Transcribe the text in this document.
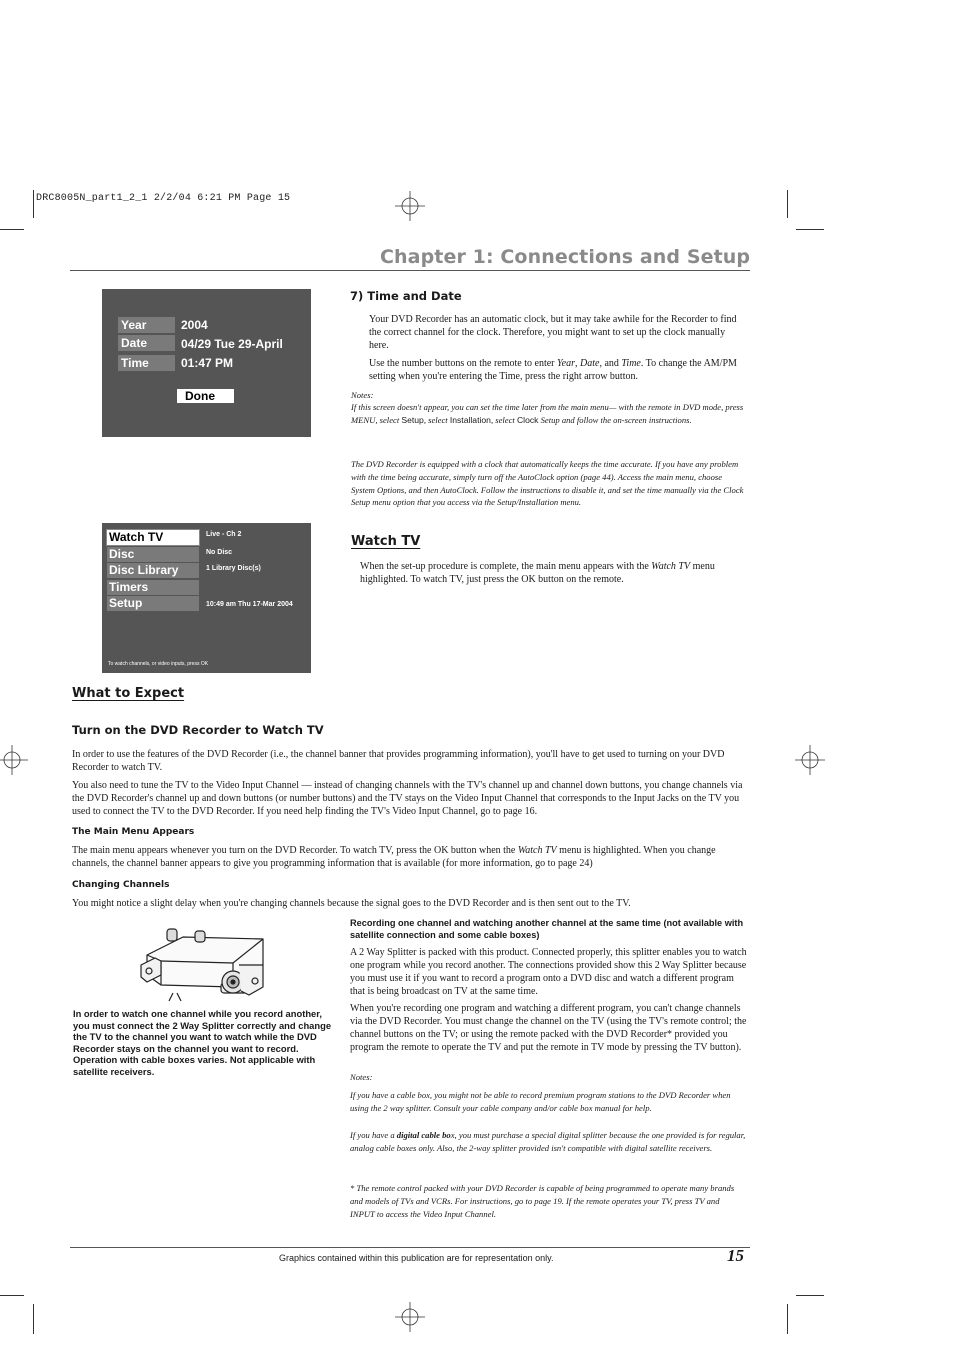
DRC8005N_part1_2_1 2/2/04 6:21 PM Page 15
Chapter 1: Connections and Setup
Year	2004
Date	04/29 Tue 29-April
Time	01:47 PM
Done
Watch TV
Disc
Disc Library
Timers
Setup
Live - Ch 2
No Disc
1 Library Disc(s)
10:49 am Thu 17-Mar 2004
To watch channels, or video inputs, press OK
7) Time and Date
Your DVD Recorder has an automatic clock, but it may take awhile for the Recorder to find the correct channel for the clock. Therefore, you might want to set up the clock manually here.
Use the number buttons on the remote to enter Year, Date, and Time. To change the AM/PM setting when you're entering the Time, press the right arrow button.
Notes:
If this screen doesn't appear, you can set the time later from the main menu— with the remote in DVD mode, press MENU, select Setup, select Installation, select Clock Setup and follow the on-screen instructions.
The DVD Recorder is equipped with a clock that automatically keeps the time accurate. If you have any problem with the time being accurate, simply turn off the AutoClock option (page 44). Access the main menu, choose System Options, and then AutoClock. Follow the instructions to disable it, and set the time manually via the Clock Setup menu option that you access via the Setup/Installation menu.
Watch TV
When the set-up procedure is complete, the main menu appears with the Watch TV menu highlighted. To watch TV, just press the OK button on the remote.
What to Expect
Turn on the DVD Recorder to Watch TV
In order to use the features of the DVD Recorder (i.e., the channel banner that provides programming information), you'll have to get used to turning on your DVD Recorder to watch TV.
You also need to tune the TV to the Video Input Channel — instead of changing channels with the TV's channel up and channel down buttons, you change channels via the DVD Recorder's channel up and down buttons (or number buttons) and the TV stays on the Video Input Channel that corresponds to the Input Jacks on the TV you used to connect the TV to the DVD Recorder. If you need help finding the TV's Video Input Channel, go to page 16.
The Main Menu Appears
The main menu appears whenever you turn on the DVD Recorder. To watch TV, press the OK button when the Watch TV menu is highlighted. When you change channels, the channel banner appears to give you programming information that is available (for more information, go to page 24)
Changing Channels
You might notice a slight delay when you're changing channels because the signal goes to the DVD Recorder and is then sent out to the TV.
In order to watch one channel while you record another, you must connect the 2 Way Splitter correctly and change the TV to the channel you want to watch while the DVD Recorder stays on the channel you want to record. Operation with cable boxes varies. Not applicable with satellite receivers.
Recording one channel and watching another channel at the same time (not available with satellite connection and some cable boxes)
A 2 Way Splitter is packed with this product. Connected properly, this splitter enables you to watch one program while you record another. The connections provided show this 2 Way Splitter because you must use it if you want to record a program onto a DVD disc and watch a different program that is being broadcast on TV at the same time.
When you're recording one program and watching a different program, you can't change channels via the DVD Recorder. You must change the channel on the TV (using the TV's remote control; the channel buttons on the TV; or using the remote packed with the DVD Recorder* provided you program the remote to operate the TV and put the remote in TV mode by pressing the TV button).
Notes:
If you have a cable box, you might not be able to record premium program stations to the DVD Recorder when using the 2 way splitter. Consult your cable company and/or cable box manual for help.
If you have a digital cable box, you must purchase a special digital splitter because the one provided is for regular, analog cable boxes only. Also, the 2-way splitter provided isn't compatible with digital satellite receivers.
* The remote control packed with your DVD Recorder is capable of being programmed to operate many brands and models of TVs and VCRs. For instructions, go to page 19. If the remote operates your TV, press TV and INPUT to access the Video Input Channel.
Graphics contained within this publication are for representation only.	15
